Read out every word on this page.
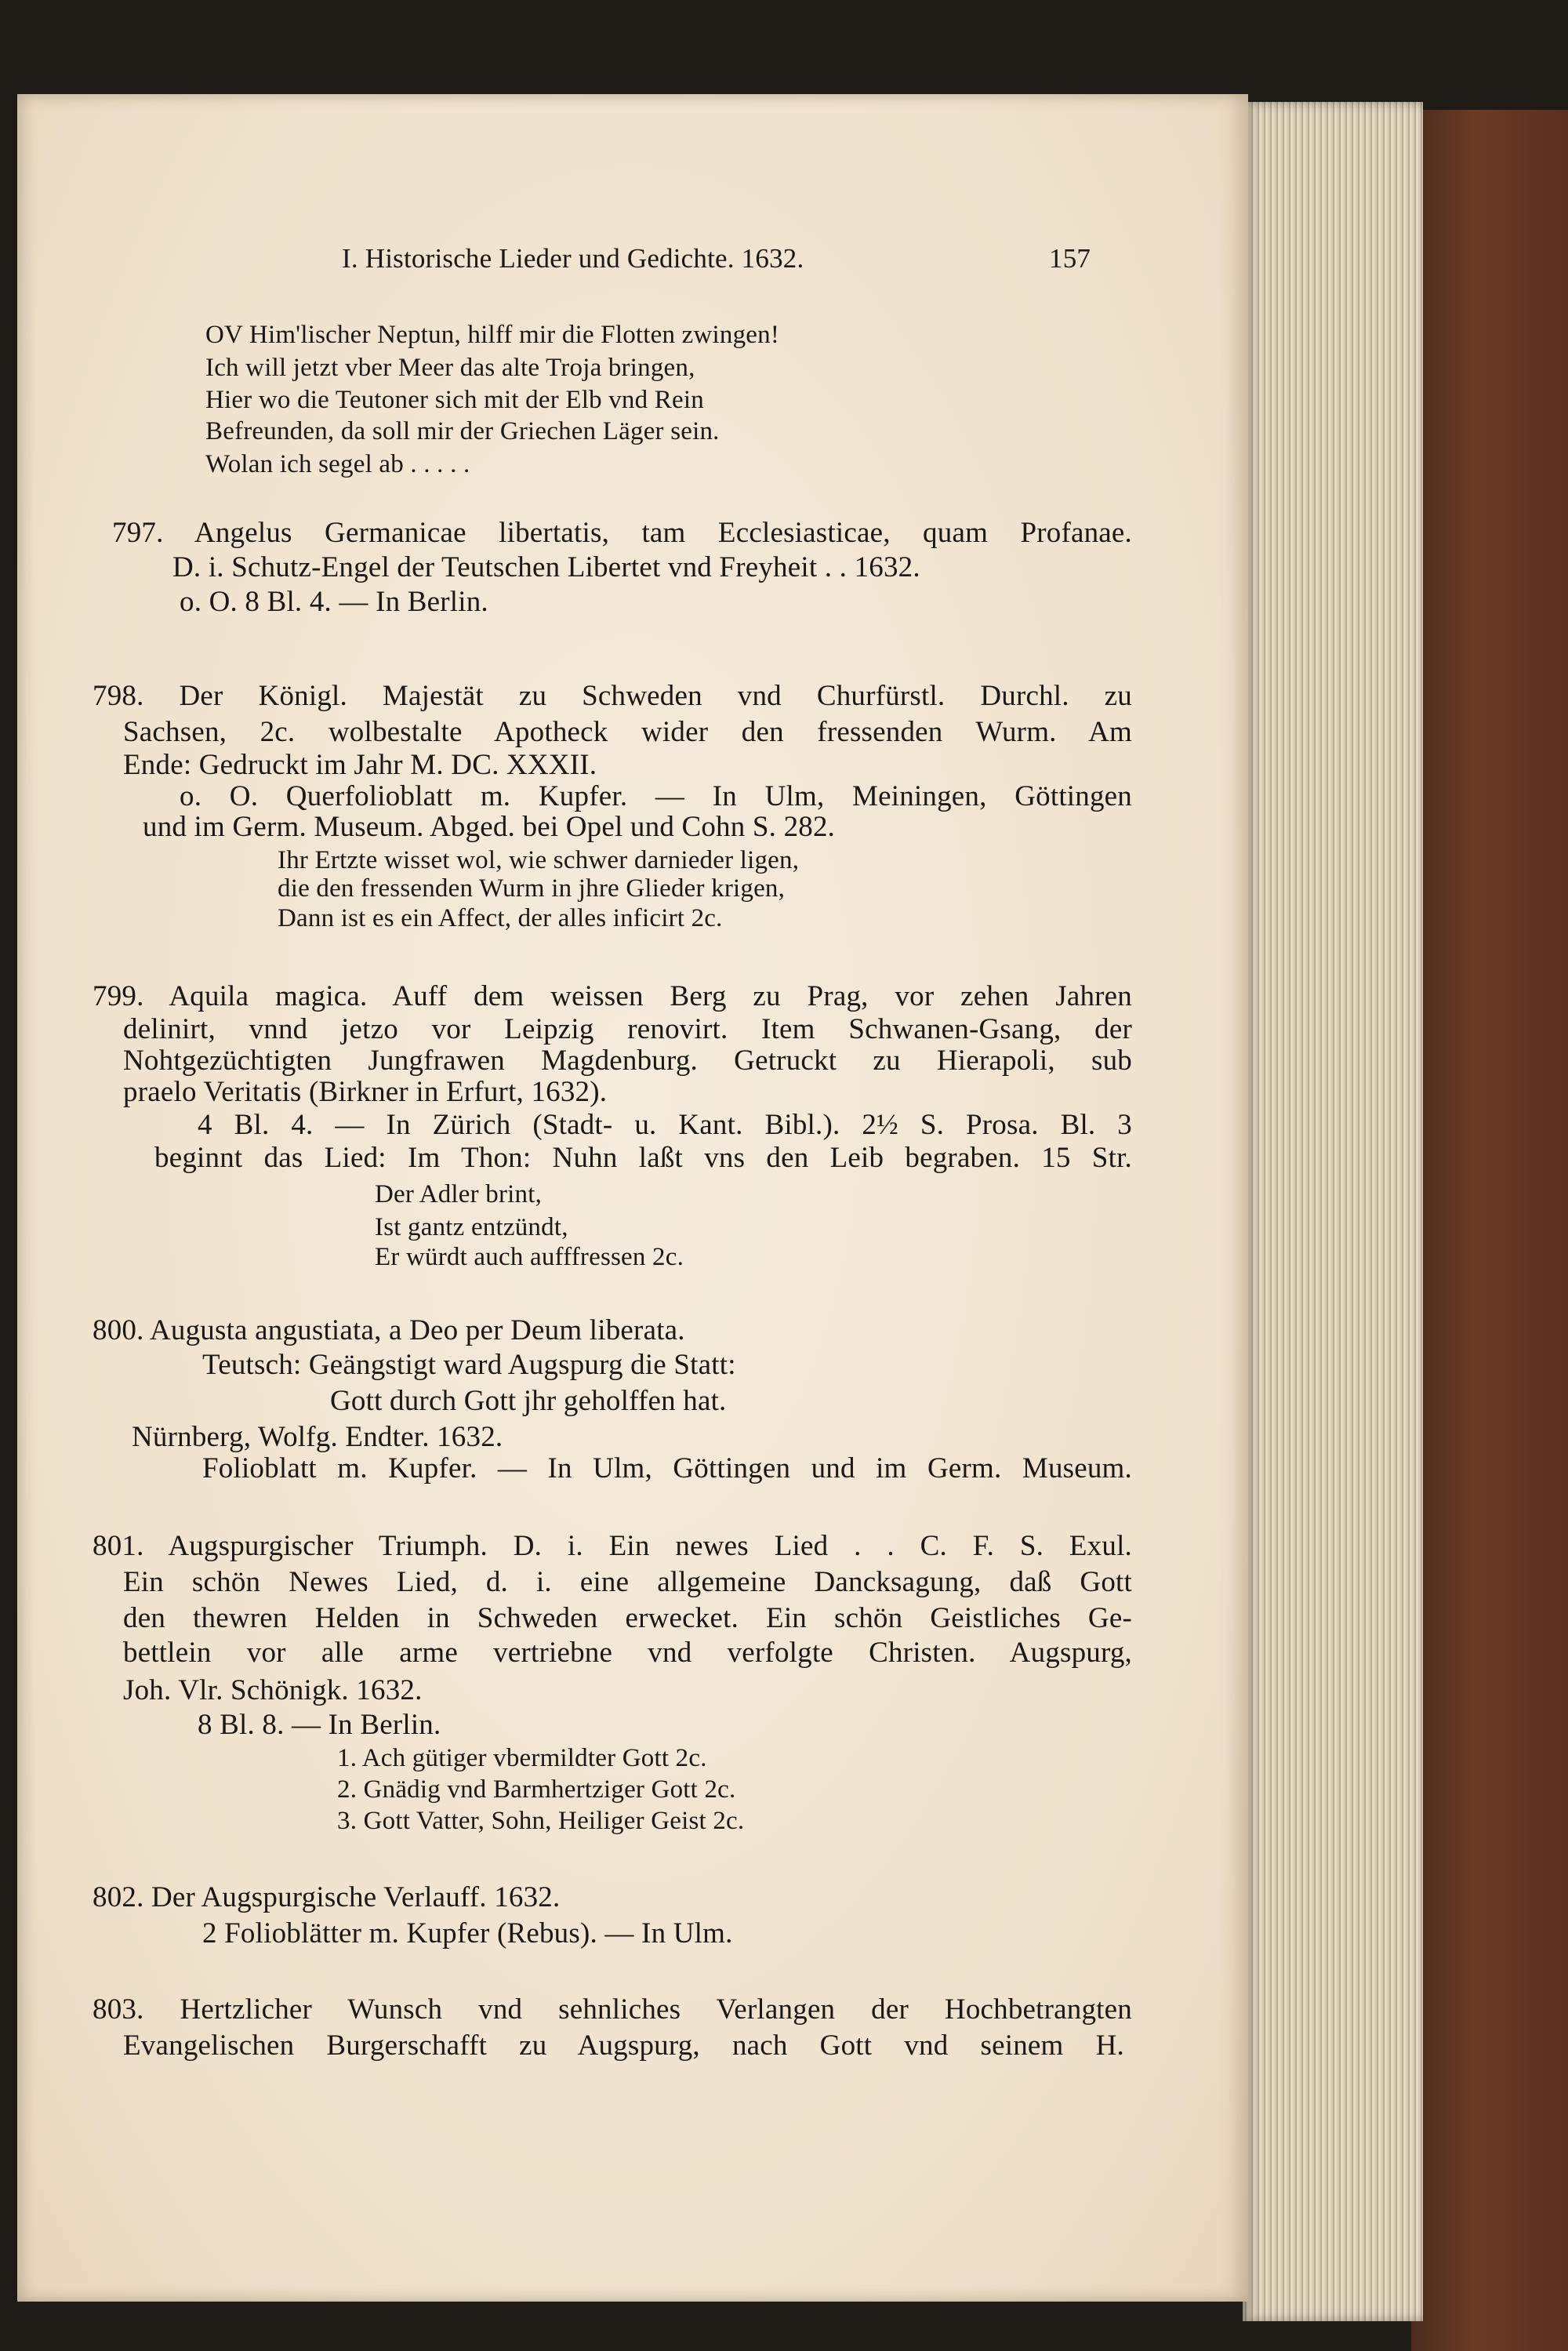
I. Historische Lieder und Gedichte. 1632.	157
OV Him'lischer Neptun, hilff mir die Flotten zwingen!
Ich will jetzt vber Meer das alte Troja bringen,
Hier wo die Teutoner sich mit der Elb vnd Rein
Befreunden, da soll mir der Griechen Läger sein.
Wolan ich segel ab . . . . .
797. Angelus Germanicae libertatis, tam Ecclesiasticae, quam Profanae.
D. i. Schutz-Engel der Teutschen Libertet vnd Freyheit . . 1632.
o. O. 8 Bl. 4. — In Berlin.
798. Der Königl. Majestät zu Schweden vnd Churfürstl. Durchl. zu
Sachsen, 2c. wolbestalte Apotheck wider den fressenden Wurm. Am
Ende: Gedruckt im Jahr M. DC. XXXII.
o. O. Querfolioblatt m. Kupfer. — In Ulm, Meiningen, Göttingen
und im Germ. Museum. Abged. bei Opel und Cohn S. 282.
Ihr Ertzte wisset wol, wie schwer darnieder ligen,
die den fressenden Wurm in jhre Glieder krigen,
Dann ist es ein Affect, der alles inficirt 2c.
799. Aquila magica. Auff dem weissen Berg zu Prag, vor zehen Jahren
delinirt, vnnd jetzo vor Leipzig renovirt. Item Schwanen-Gsang, der
Nohtgezüchtigten Jungfrawen Magdenburg. Getruckt zu Hierapoli, sub
praelo Veritatis (Birkner in Erfurt, 1632).
4 Bl. 4. — In Zürich (Stadt- u. Kant. Bibl.). 2½ S. Prosa. Bl. 3
beginnt das Lied: Im Thon: Nuhn laßt vns den Leib begraben. 15 Str.
Der Adler brint,
Ist gantz entzündt,
Er würdt auch aufffressen 2c.
800. Augusta angustiata, a Deo per Deum liberata.
Teutsch: Geängstigt ward Augspurg die Statt:
Gott durch Gott jhr geholffen hat.
Nürnberg, Wolfg. Endter. 1632.
Folioblatt m. Kupfer. — In Ulm, Göttingen und im Germ. Museum.
801. Augspurgischer Triumph. D. i. Ein newes Lied . . C. F. S. Exul.
Ein schön Newes Lied, d. i. eine allgemeine Dancksagung, daß Gott
den thewren Helden in Schweden erwecket. Ein schön Geistliches Ge-
bettlein vor alle arme vertriebne vnd verfolgte Christen. Augspurg,
Joh. Vlr. Schönigk. 1632.
8 Bl. 8. — In Berlin.
1. Ach gütiger vbermildter Gott 2c.
2. Gnädig vnd Barmhertziger Gott 2c.
3. Gott Vatter, Sohn, Heiliger Geist 2c.
802. Der Augspurgische Verlauff. 1632.
2 Folioblätter m. Kupfer (Rebus). — In Ulm.
803. Hertzlicher Wunsch vnd sehnliches Verlangen der Hochbetrangten
Evangelischen Burgerschafft zu Augspurg, nach Gott vnd seinem H.
